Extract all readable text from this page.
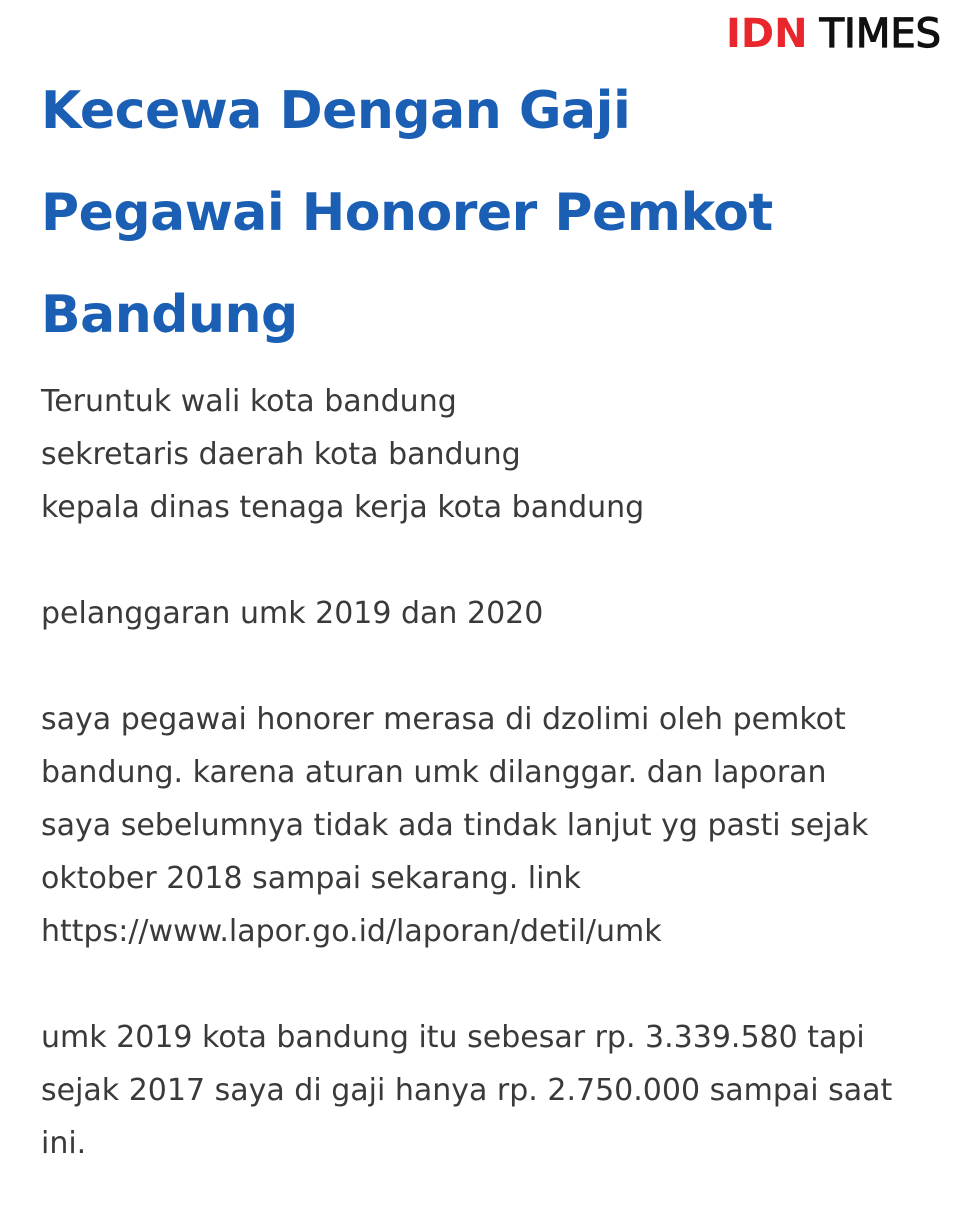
IDN TIMES
Kecewa Dengan Gaji
Pegawai Honorer Pemkot
Bandung

Teruntuk wali kota bandung
sekretaris daerah kota bandung
kepala dinas tenaga kerja kota bandung

pelanggaran umk 2019 dan 2020

saya pegawai honorer merasa di dzolimi oleh pemkot
bandung. karena aturan umk dilanggar. dan laporan
saya sebelumnya tidak ada tindak lanjut yg pasti sejak
oktober 2018 sampai sekarang. link
https://www.lapor.go.id/laporan/detil/umk

umk 2019 kota bandung itu sebesar rp. 3.339.580 tapi
sejak 2017 saya di gaji hanya rp. 2.750.000 sampai saat
ini.
